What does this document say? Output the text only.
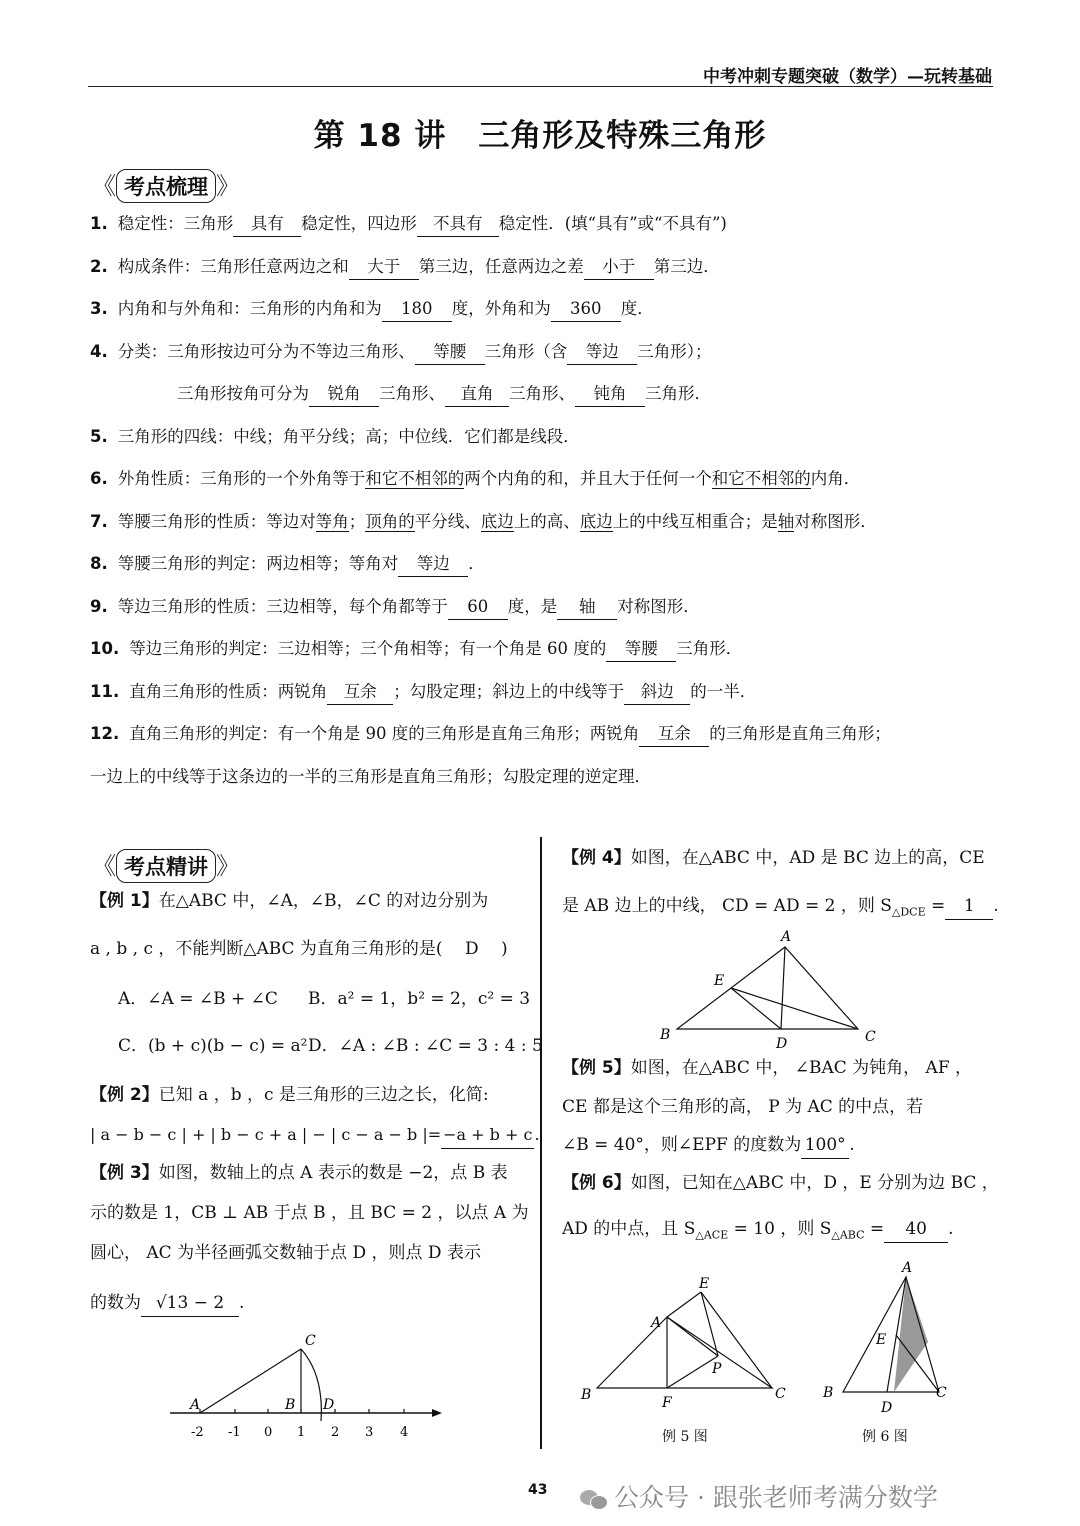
中考冲刺专题突破（数学）—玩转基础
第 18 讲　三角形及特殊三角形
《 考点梳理 》
1. 稳定性：三角形 具有 稳定性，四边形 不具有 稳定性．(填“具有”或“不具有”)
2. 构成条件：三角形任意两边之和 大于 第三边，任意两边之差 小于 第三边．
3. 内角和与外角和：三角形的内角和为 180 度，外角和为 360 度．
4. 分类：三角形按边可分为不等边三角形、 等腰 三角形（含 等边 三角形）；
三角形按角可分为 锐角 三角形、 直角 三角形、 钝角 三角形．
5. 三角形的四线：中线；角平分线；高；中位线．它们都是线段．
6. 外角性质：三角形的一个外角等于和它不相邻的两个内角的和，并且大于任何一个和它不相邻的内角．
7. 等腰三角形的性质：等边对等角；顶角的平分线、底边上的高、底边上的中线互相重合；是轴对称图形．
8. 等腰三角形的判定：两边相等；等角对 等边 ．
9. 等边三角形的性质：三边相等，每个角都等于 60 度，是 轴 对称图形．
10. 等边三角形的判定：三边相等；三个角相等；有一个角是 60 度的 等腰 三角形．
11. 直角三角形的性质：两锐角 互余 ；勾股定理；斜边上的中线等于 斜边 的一半．
12. 直角三角形的判定：有一个角是 90 度的三角形是直角三角形；两锐角 互余 的三角形是直角三角形；
一边上的中线等于这条边的一半的三角形是直角三角形；勾股定理的逆定理．
《 考点精讲 》
【例 1】在△ABC 中，∠A，∠B，∠C 的对边分别为
a , b , c ，不能判断△ABC 为直角三角形的是(　 D 　)
A．∠A = ∠B + ∠C B．a² = 1，b² = 2，c² = 3
C．(b + c)(b − c) = a² D．∠A : ∠B : ∠C = 3 : 4 : 5
【例 2】已知 a ，b ，c 是三角形的三边之长，化简:
| a − b − c | + | b − c + a | − | c − a − b |= −a + b + c .
【例 3】如图，数轴上的点 A 表示的数是 −2，点 B 表
示的数是 1，CB ⊥ AB 于点 B ，且 BC = 2 ，以点 A 为
圆心， AC 为半径画弧交数轴于点 D ，则点 D 表示
的数为 √13 − 2 .
-2 -1 0 1 2 3 4
A	B
C
D
【例 4】如图，在△ABC 中，AD 是 BC 边上的高，CE
是 AB 边上的中线， CD = AD = 2 ，则 $S_{\triangle DCE} = 1$ .
A
E
B
D	C
【例 5】如图，在△ABC 中， ∠BAC 为钝角， AF ，
CE 都是这个三角形的高， P 为 AC 的中点，若
∠B = 40°，则∠EPF 的度数为 100° .
【例 6】如图，已知在△ABC 中，D ，E 分别为边 BC ，
AD 的中点，且 $S_{\triangle ACE} = 10$ ，则 $S_{\triangle ABC} = 40$ .
E
A
P
B	F
C
例 5 图
A
E
B
D
C
例 6 图
43	公众号 · 跟张老师考满分数学
